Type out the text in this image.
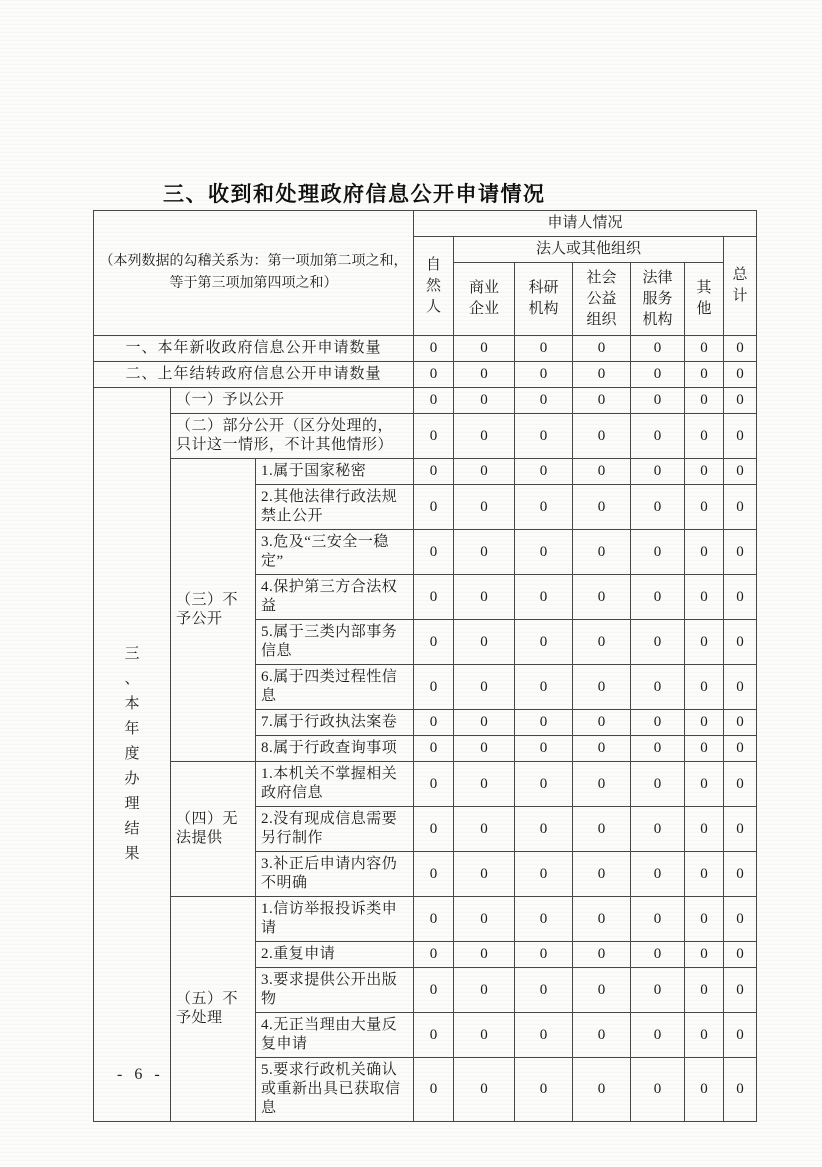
三、收到和处理政府信息公开申请情况
（本列数据的勾稽关系为：第一项加第二项之和，等于第三项加第四项之和）			申请人情况						
			自然人	法人或其他组织					总计
				商业企业	科研机构	社会公益组织	法律服务机构	其他	
一、本年新收政府信息公开申请数量			0	0	0	0	0	0	0
二、上年结转政府信息公开申请数量			0	0	0	0	0	0	0
三、本年度办理结果	（一）予以公开		0	0	0	0	0	0	0
	（二）部分公开（区分处理的，只计这一情形，不计其他情形）		0	0	0	0	0	0	0
	（三）不予公开	1.属于国家秘密	0	0	0	0	0	0	0
		2.其他法律行政法规禁止公开	0	0	0	0	0	0	0
		3.危及“三安全一稳定”	0	0	0	0	0	0	0
		4.保护第三方合法权益	0	0	0	0	0	0	0
		5.属于三类内部事务信息	0	0	0	0	0	0	0
		6.属于四类过程性信息	0	0	0	0	0	0	0
		7.属于行政执法案卷	0	0	0	0	0	0	0
		8.属于行政查询事项	0	0	0	0	0	0	0
	（四）无法提供	1.本机关不掌握相关政府信息	0	0	0	0	0	0	0
		2.没有现成信息需要另行制作	0	0	0	0	0	0	0
		3.补正后申请内容仍不明确	0	0	0	0	0	0	0
	（五）不予处理	1.信访举报投诉类申请	0	0	0	0	0	0	0
		2.重复申请	0	0	0	0	0	0	0
		3.要求提供公开出版物	0	0	0	0	0	0	0
		4.无正当理由大量反复申请	0	0	0	0	0	0	0
		5.要求行政机关确认或重新出具已获取信息	0	0	0	0	0	0	0
- 6 -
